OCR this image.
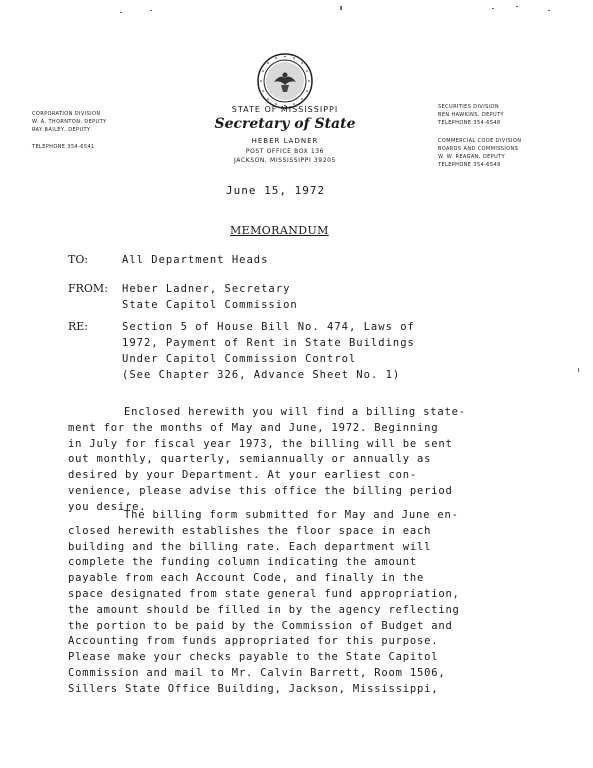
CORPORATION DIVISION
W. A. THORNTON, DEPUTY
RAY BAILEY, DEPUTY
TELEPHONE 354-6541
STATE OF MISSISSIPPI
Secretary of State
HEBER LADNER
POST OFFICE BOX 136
JACKSON, MISSISSIPPI 39205
SECURITIES DIVISION
BEN HAWKINS, DEPUTY
TELEPHONE 354-6548
COMMERCIAL CODE DIVISION
BOARDS AND COMMISSIONS
W. W. REAGAN, DEPUTY
TELEPHONE 354-6549
June 15, 1972
MEMORANDUM
TO:	All Department Heads
FROM: Heber Ladner, Secretary
State Capitol Commission
RE:	Section 5 of House Bill No. 474, Laws of
1972, Payment of Rent in State Buildings
Under Capitol Commission Control
(See Chapter 326, Advance Sheet No. 1)
Enclosed herewith you will find a billing state-
ment for the months of May and June, 1972. Beginning
in July for fiscal year 1973, the billing will be sent
out monthly, quarterly, semiannually or annually as
desired by your Department. At your earliest con-
venience, please advise this office the billing period
you desire.
The billing form submitted for May and June en-
closed herewith establishes the floor space in each
building and the billing rate. Each department will
complete the funding column indicating the amount
payable from each Account Code, and finally in the
space designated from state general fund appropriation,
the amount should be filled in by the agency reflecting
the portion to be paid by the Commission of Budget and
Accounting from funds appropriated for this purpose.
Please make your checks payable to the State Capitol
Commission and mail to Mr. Calvin Barrett, Room 1506,
Sillers State Office Building, Jackson, Mississippi,
